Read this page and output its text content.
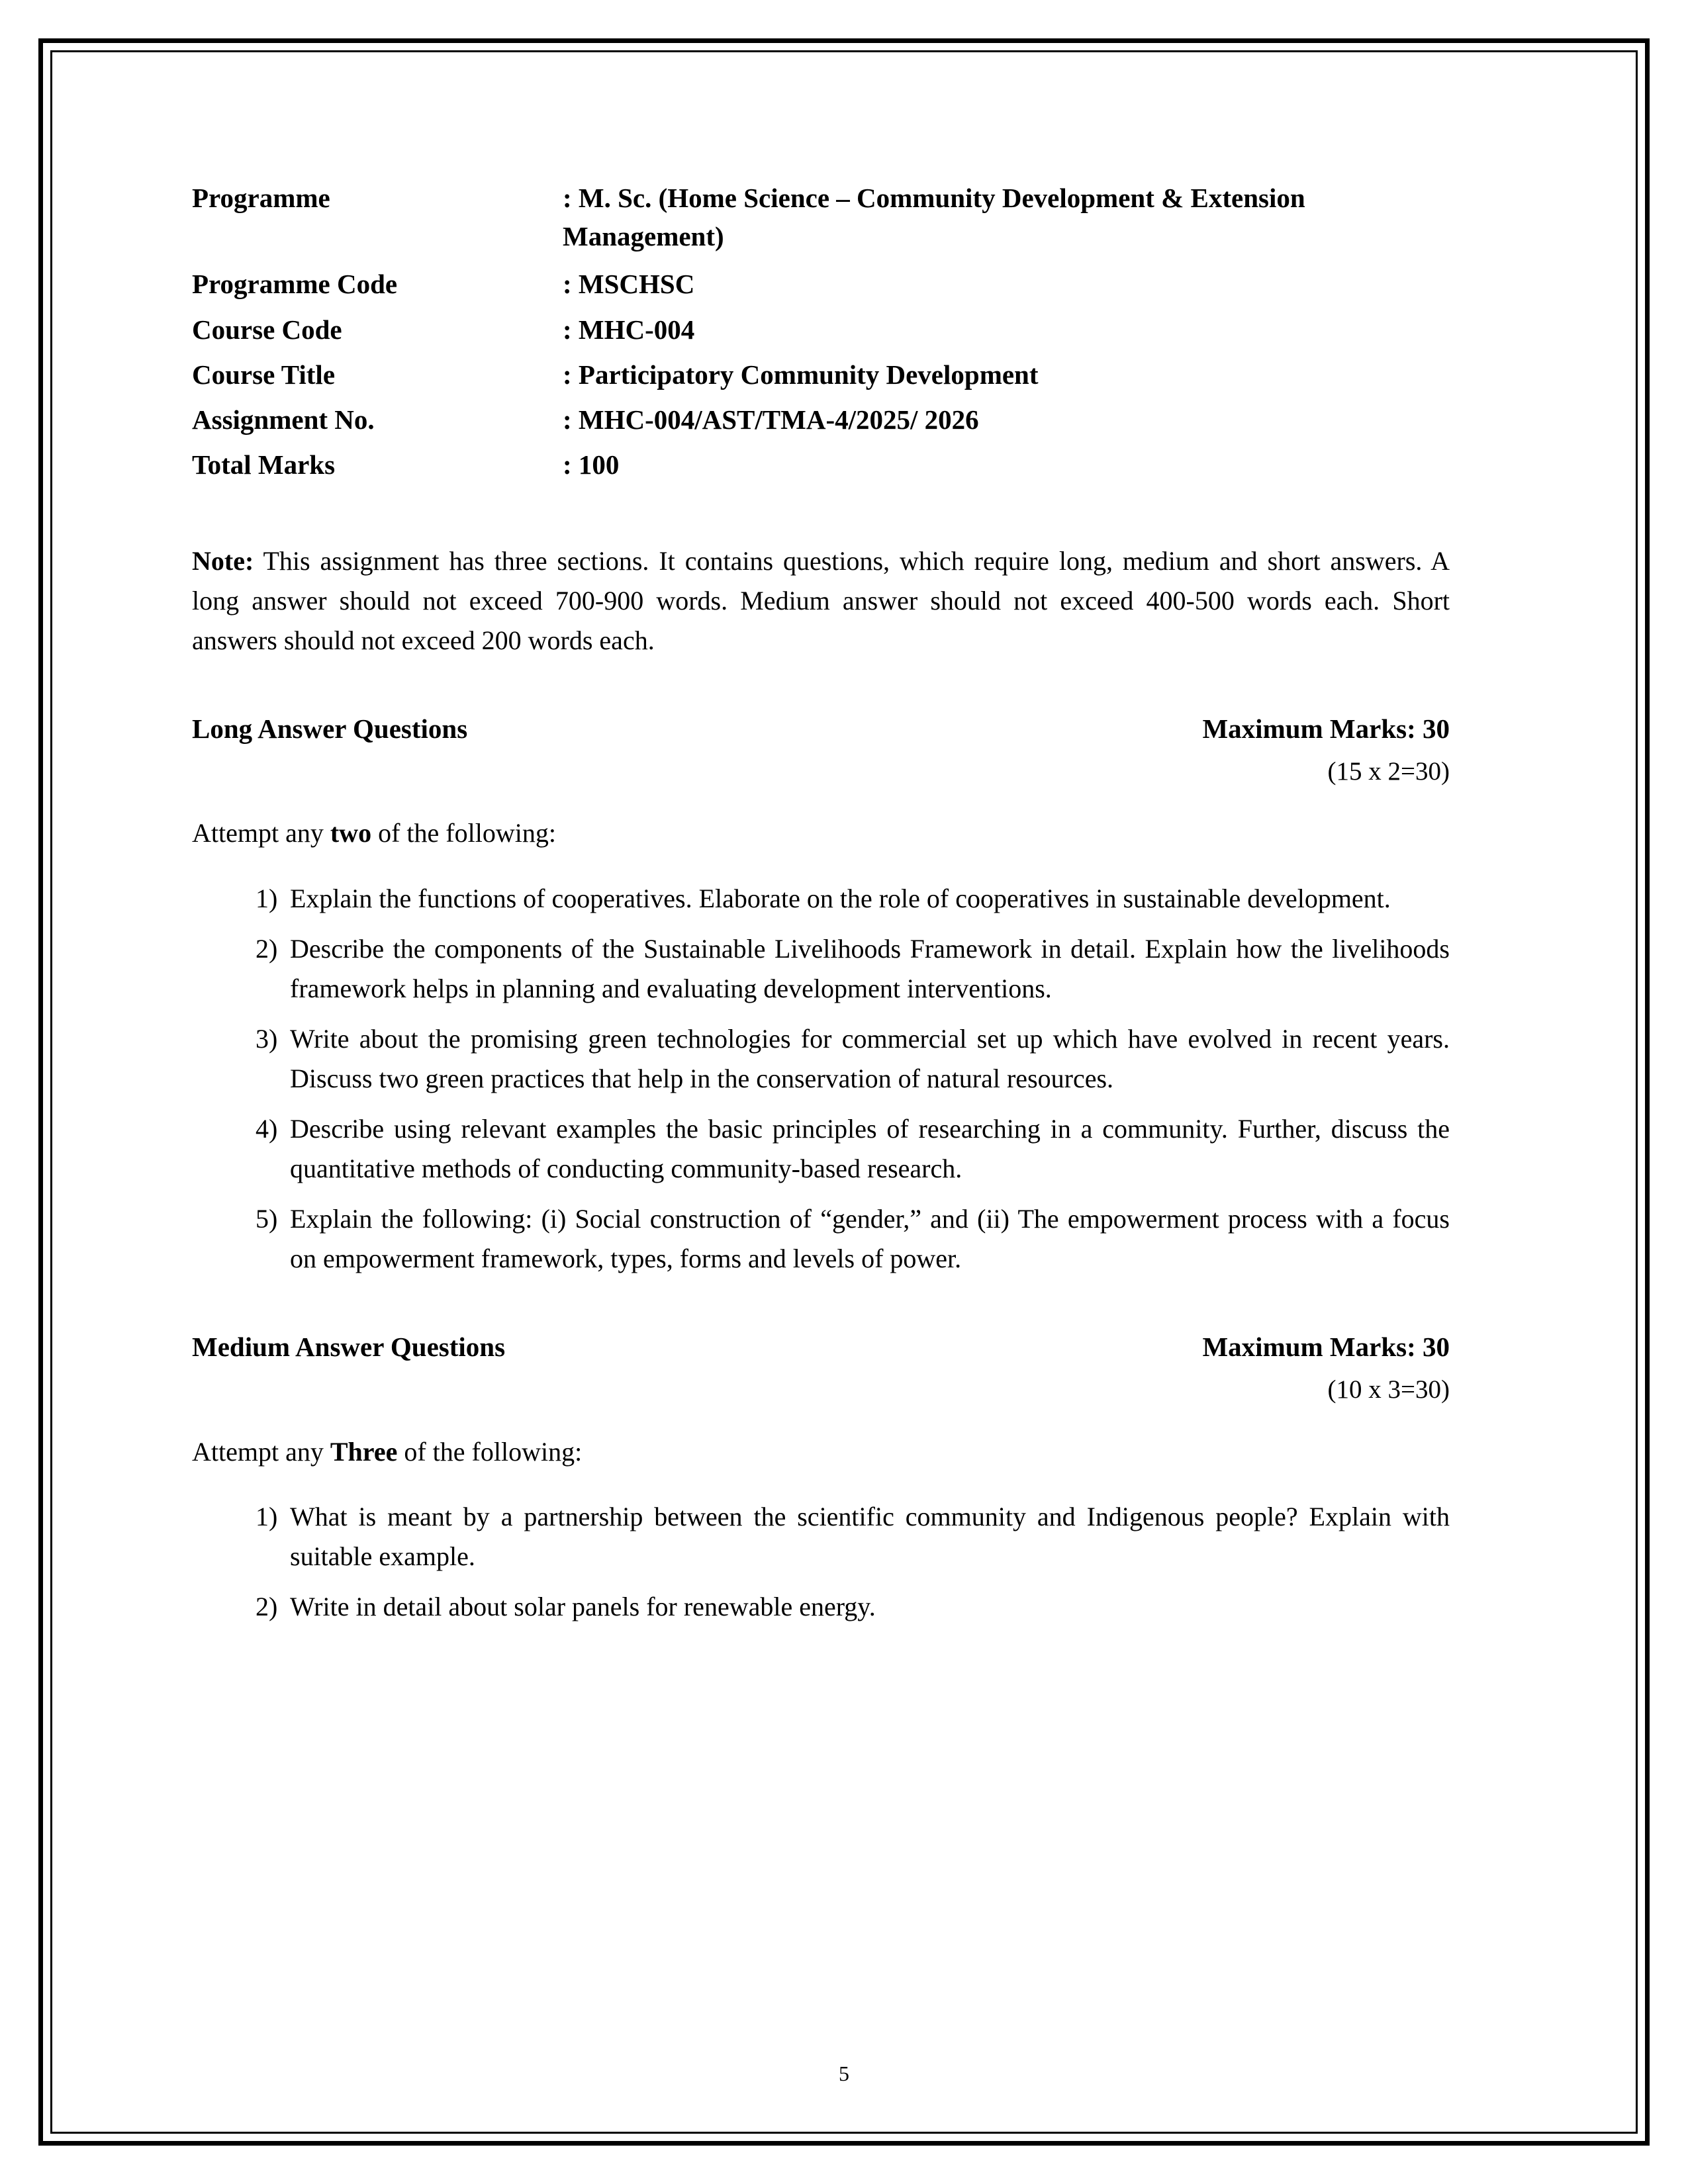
Programme	: M. Sc. (Home Science – Community Development & Extension Management)
Programme Code	: MSCHSC
Course Code	: MHC-004
Course Title	: Participatory Community Development
Assignment No.	: MHC-004/AST/TMA-4/2025/ 2026
Total Marks	: 100

Note: This assignment has three sections. It contains questions, which require long, medium and short answers. A long answer should not exceed 700-900 words. Medium answer should not exceed 400-500 words each. Short answers should not exceed 200 words each.

Long Answer Questions	Maximum Marks: 30
(15 x 2=30)

Attempt any two of the following:

Explain the functions of cooperatives. Elaborate on the role of cooperatives in sustainable development.
Describe the components of the Sustainable Livelihoods Framework in detail. Explain how the livelihoods framework helps in planning and evaluating development interventions.
Write about the promising green technologies for commercial set up which have evolved in recent years. Discuss two green practices that help in the conservation of natural resources.
Describe using relevant examples the basic principles of researching in a community. Further, discuss the quantitative methods of conducting community-based research.
Explain the following: (i) Social construction of “gender,” and (ii) The empowerment process with a focus on empowerment framework, types, forms and levels of power.
Medium Answer Questions	Maximum Marks: 30
(10 x 3=30)

Attempt any Three of the following:

What is meant by a partnership between the scientific community and Indigenous people? Explain with suitable example.
Write in detail about solar panels for renewable energy.
5
